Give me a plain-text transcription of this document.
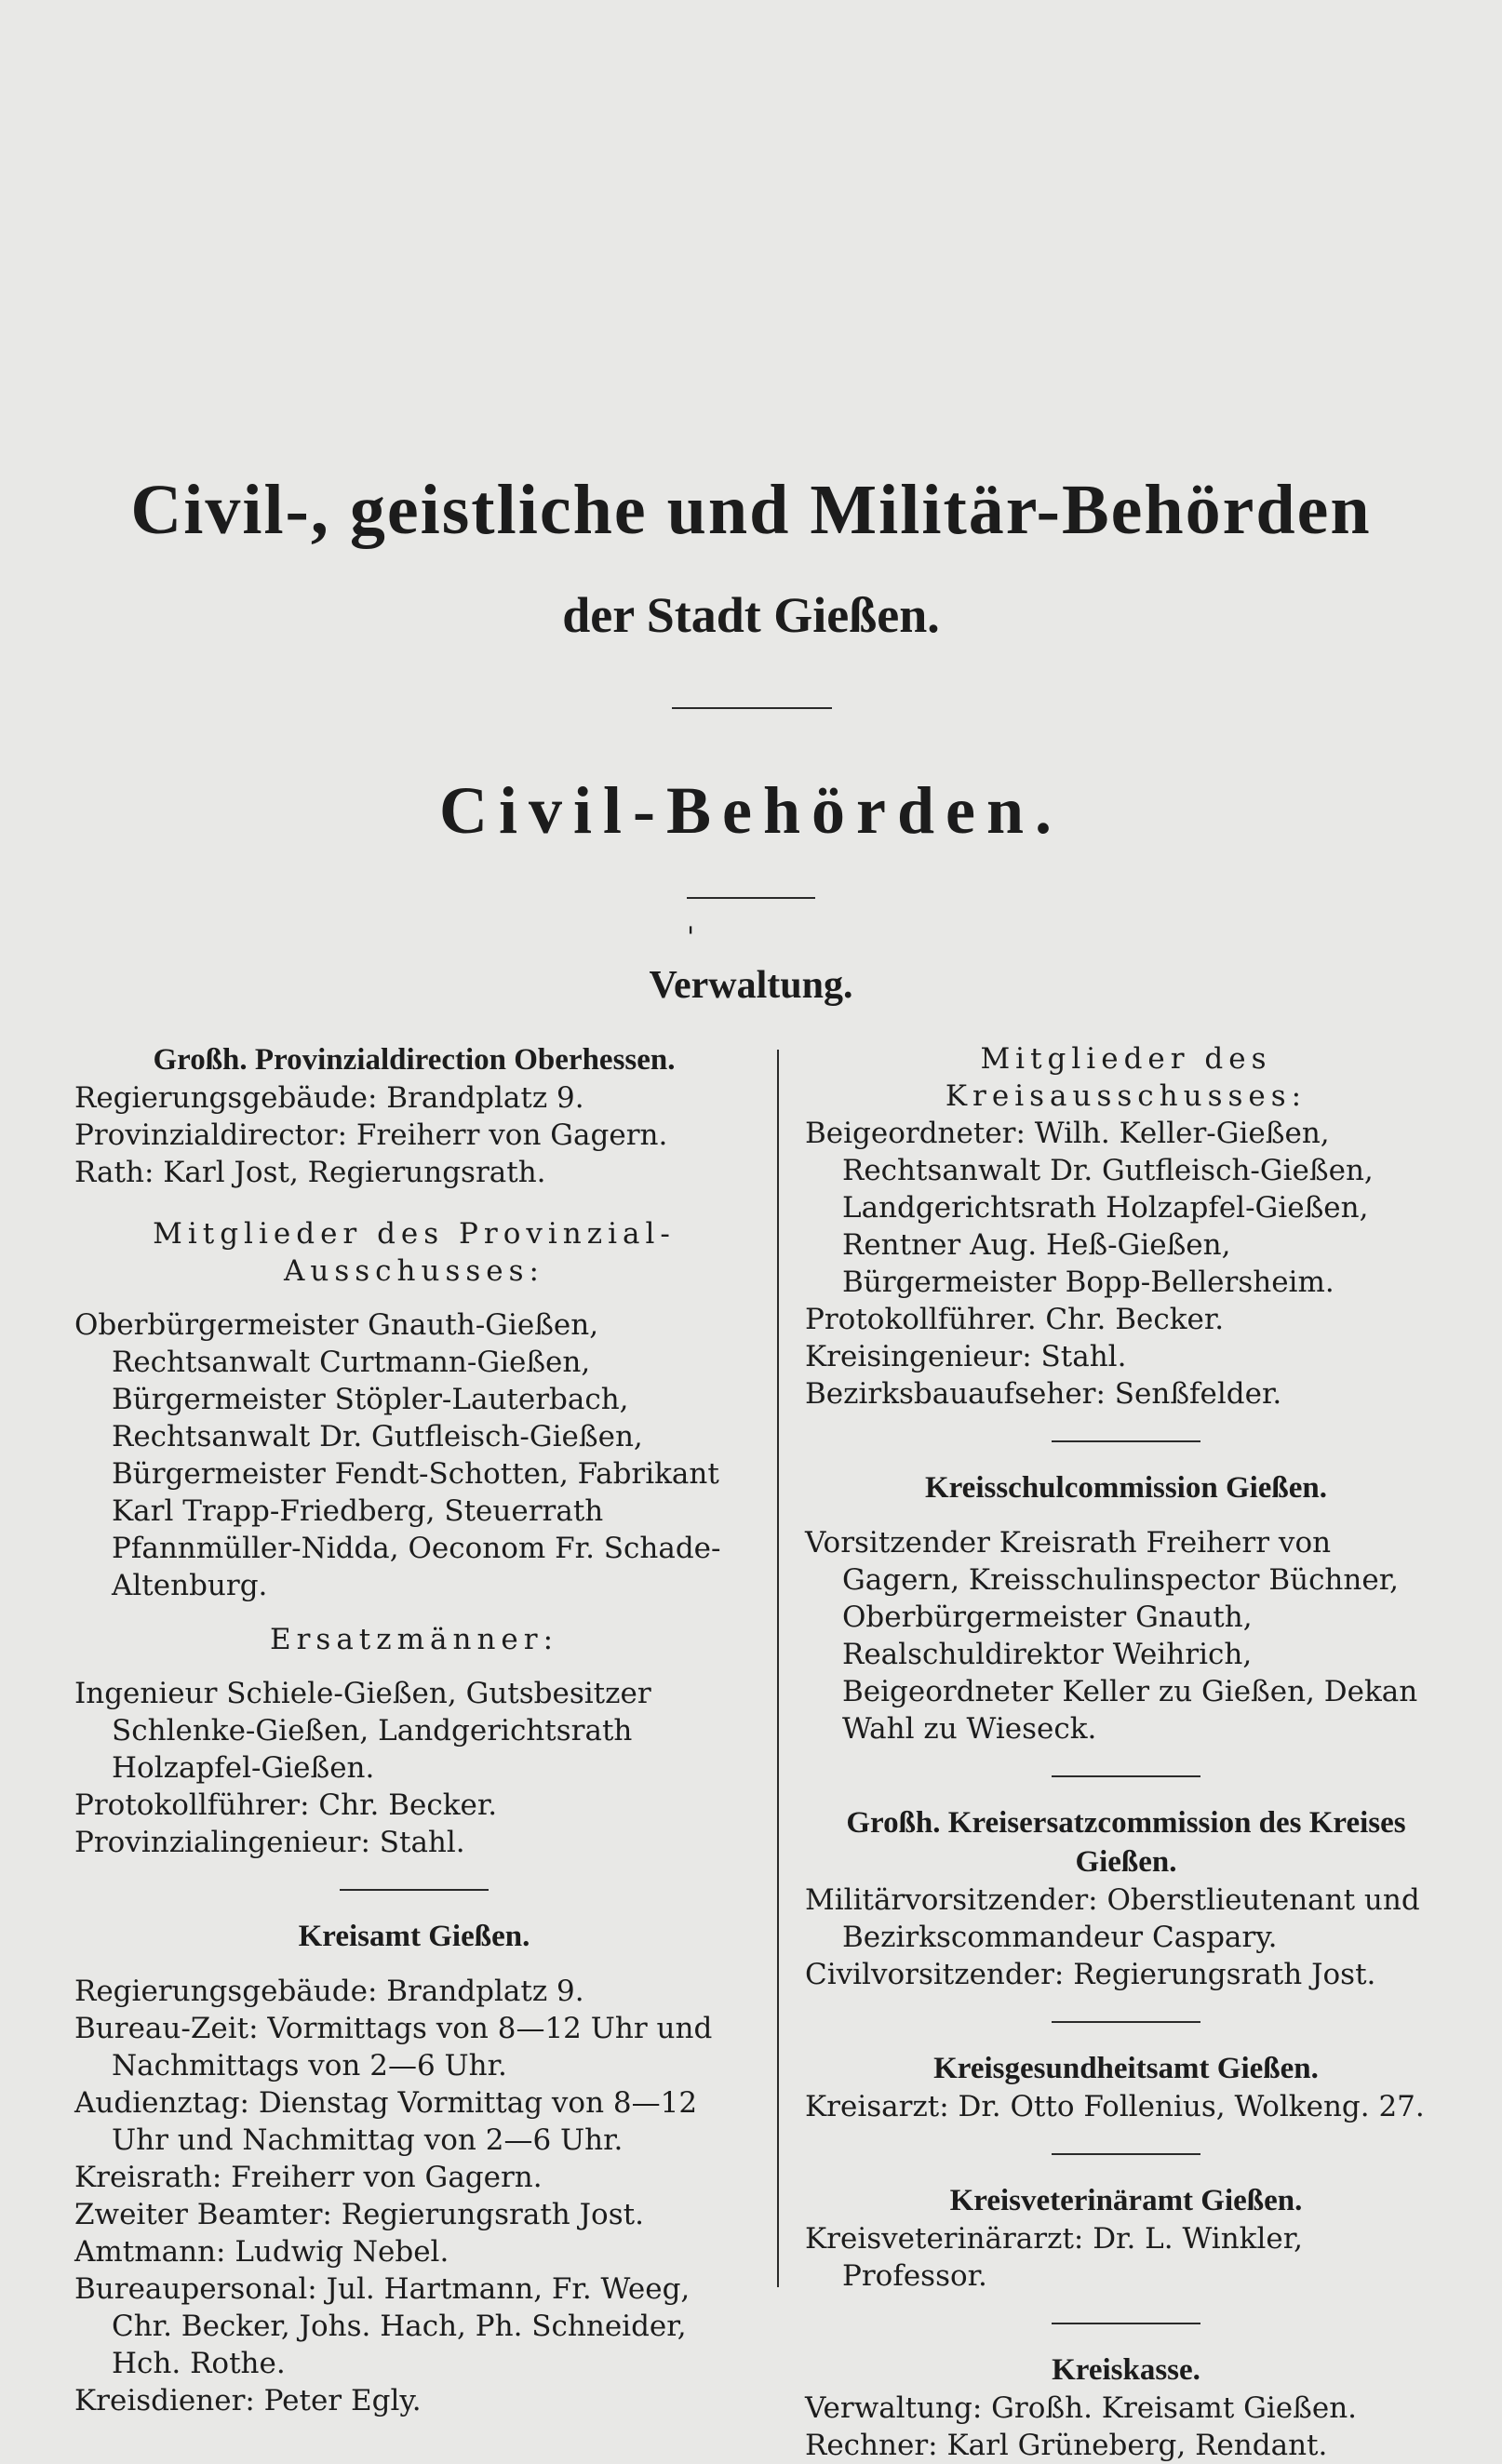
Civil-, geistliche und Militär-Behörden
der Stadt Gießen.
Civil-Behörden.
'
Verwaltung.

Großh. Provinzialdirection Oberhessen.

Regierungsgebäude: Brandplatz 9.

Provinzialdirector: Freiherr von Gagern.

Rath: Karl Jost, Regierungsrath.

Mitglieder des Provinzial-

Ausschusses:

Oberbürgermeister Gnauth-Gießen, Rechtsanwalt Curtmann-Gießen, Bürgermeister Stöpler-Lauterbach, Rechtsanwalt Dr. Gutfleisch-Gießen, Bürgermeister Fendt-Schotten, Fabrikant Karl Trapp-Friedberg, Steuerrath Pfannmüller-Nidda, Oeconom Fr. Schade-Altenburg.

Ersatzmänner:

Ingenieur Schiele-Gießen, Gutsbesitzer Schlenke-Gießen, Landgerichtsrath Holzapfel-Gießen.

Protokollführer: Chr. Becker.

Provinzialingenieur: Stahl.

Kreisamt Gießen.

Regierungsgebäude: Brandplatz 9.

Bureau-Zeit: Vormittags von 8—12 Uhr und Nachmittags von 2—6 Uhr.

Audienztag: Dienstag Vormittag von 8—12 Uhr und Nachmittag von 2—6 Uhr.

Kreisrath: Freiherr von Gagern.

Zweiter Beamter: Regierungsrath Jost.

Amtmann: Ludwig Nebel.

Bureaupersonal: Jul. Hartmann, Fr. Weeg, Chr. Becker, Johs. Hach, Ph. Schneider, Hch. Rothe.

Kreisdiener: Peter Egly.

Mitglieder des Kreisausschusses:

Beigeordneter: Wilh. Keller-Gießen, Rechtsanwalt Dr. Gutfleisch-Gießen, Landgerichtsrath Holzapfel-Gießen, Rentner Aug. Heß-Gießen, Bürgermeister Bopp-Bellersheim.

Protokollführer. Chr. Becker.

Kreisingenieur: Stahl.

Bezirksbauaufseher: Senßfelder.

Kreisschulcommission Gießen.

Vorsitzender Kreisrath Freiherr von Gagern, Kreisschulinspector Büchner, Oberbürgermeister Gnauth, Realschuldirektor Weihrich, Beigeordneter Keller zu Gießen, Dekan Wahl zu Wieseck.

Großh. Kreisersatzcommission des Kreises Gießen.

Militärvorsitzender: Oberstlieutenant und Bezirkscommandeur Caspary.

Civilvorsitzender: Regierungsrath Jost.

Kreisgesundheitsamt Gießen.

Kreisarzt: Dr. Otto Follenius, Wolkeng. 27.

Kreisveterinäramt Gießen.

Kreisveterinärarzt: Dr. L. Winkler, Professor.

Kreiskasse.

Verwaltung: Großh. Kreisamt Gießen.

Rechner: Karl Grüneberg, Rendant.
